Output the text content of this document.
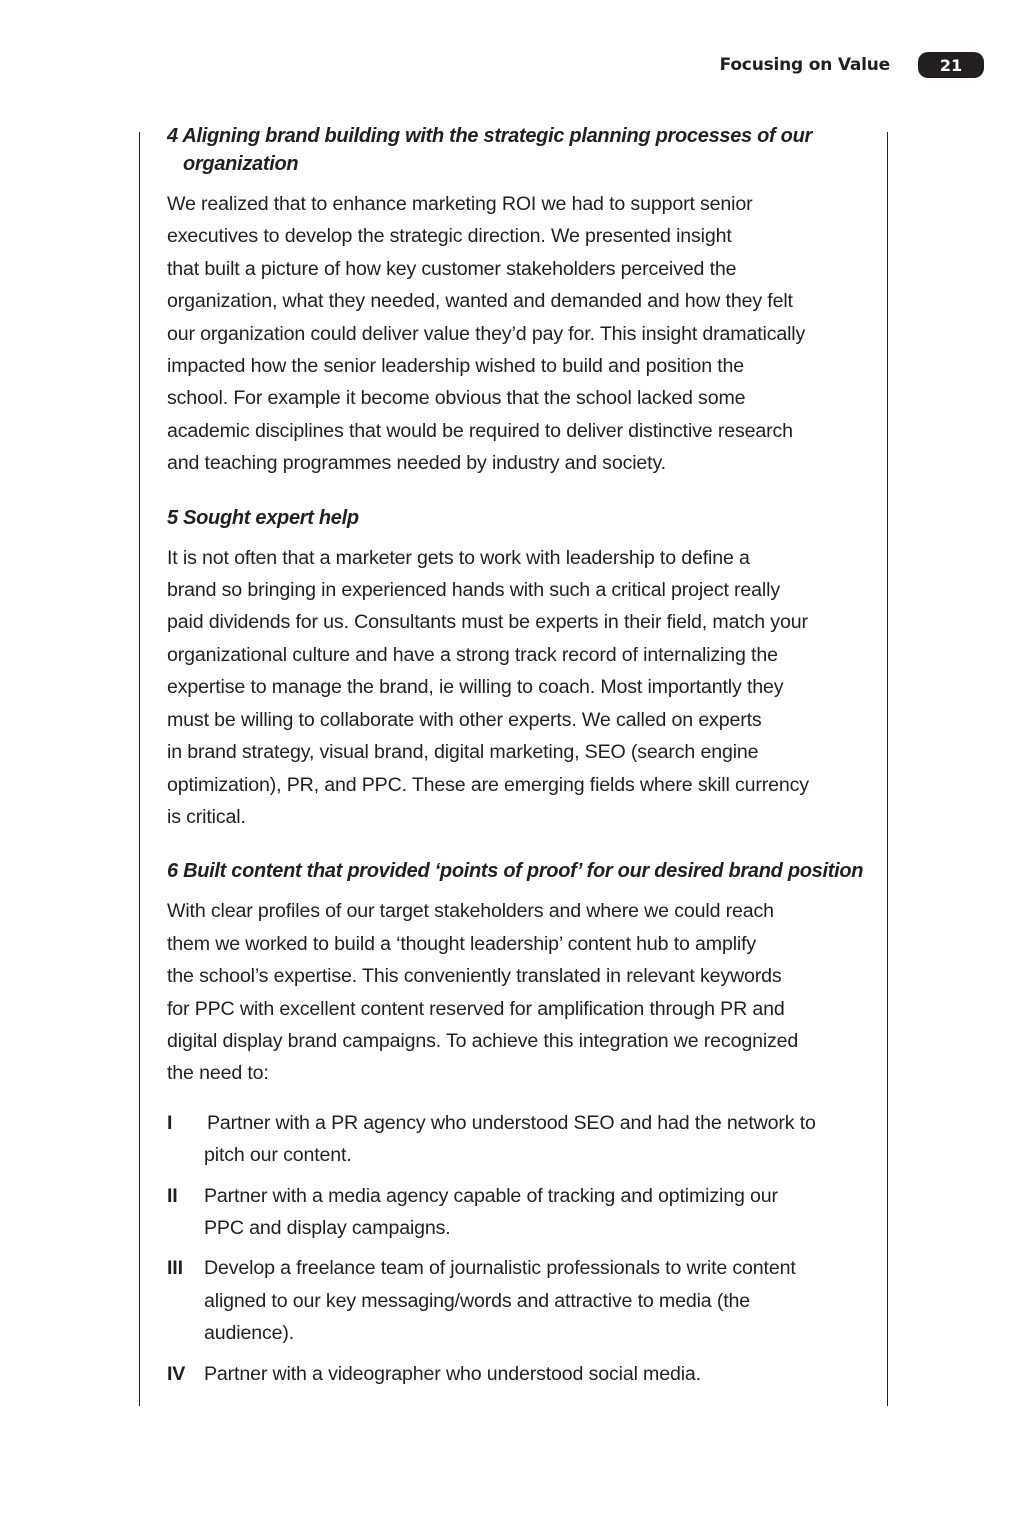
Focusing on Value	21
4 Aligning brand building with the strategic planning processes of our
organization

We realized that to enhance marketing ROI we had to support senior
executives to develop the strategic direction. We presented insight
that built a picture of how key customer stakeholders perceived the
organization, what they needed, wanted and demanded and how they felt
our organization could deliver value they’d pay for. This insight dramatically
impacted how the senior leadership wished to build and position the
school. For example it become obvious that the school lacked some
academic disciplines that would be required to deliver distinctive research
and teaching programmes needed by industry and society.

5 Sought expert help

It is not often that a marketer gets to work with leadership to define a
brand so bringing in experienced hands with such a critical project really
paid dividends for us. Consultants must be experts in their field, match your
organizational culture and have a strong track record of internalizing the
expertise to manage the brand, ie willing to coach. Most importantly they
must be willing to collaborate with other experts. We called on experts
in brand strategy, visual brand, digital marketing, SEO (search engine
optimization), PR, and PPC. These are emerging fields where skill currency
is critical.

6 Built content that provided ‘points of proof’ for our desired brand position

With clear profiles of our target stakeholders and where we could reach
them we worked to build a ‘thought leadership’ content hub to amplify
the school’s expertise. This conveniently translated in relevant keywords
for PPC with excellent content reserved for amplification through PR and
digital display brand campaigns. To achieve this integration we recognized
the need to:

I Partner with a PR agency who understood SEO and had the network to
pitch our content.
II Partner with a media agency capable of tracking and optimizing our
PPC and display campaigns.
III Develop a freelance team of journalistic professionals to write content
aligned to our key messaging/words and attractive to media (the
audience).
IV Partner with a videographer who understood social media.
